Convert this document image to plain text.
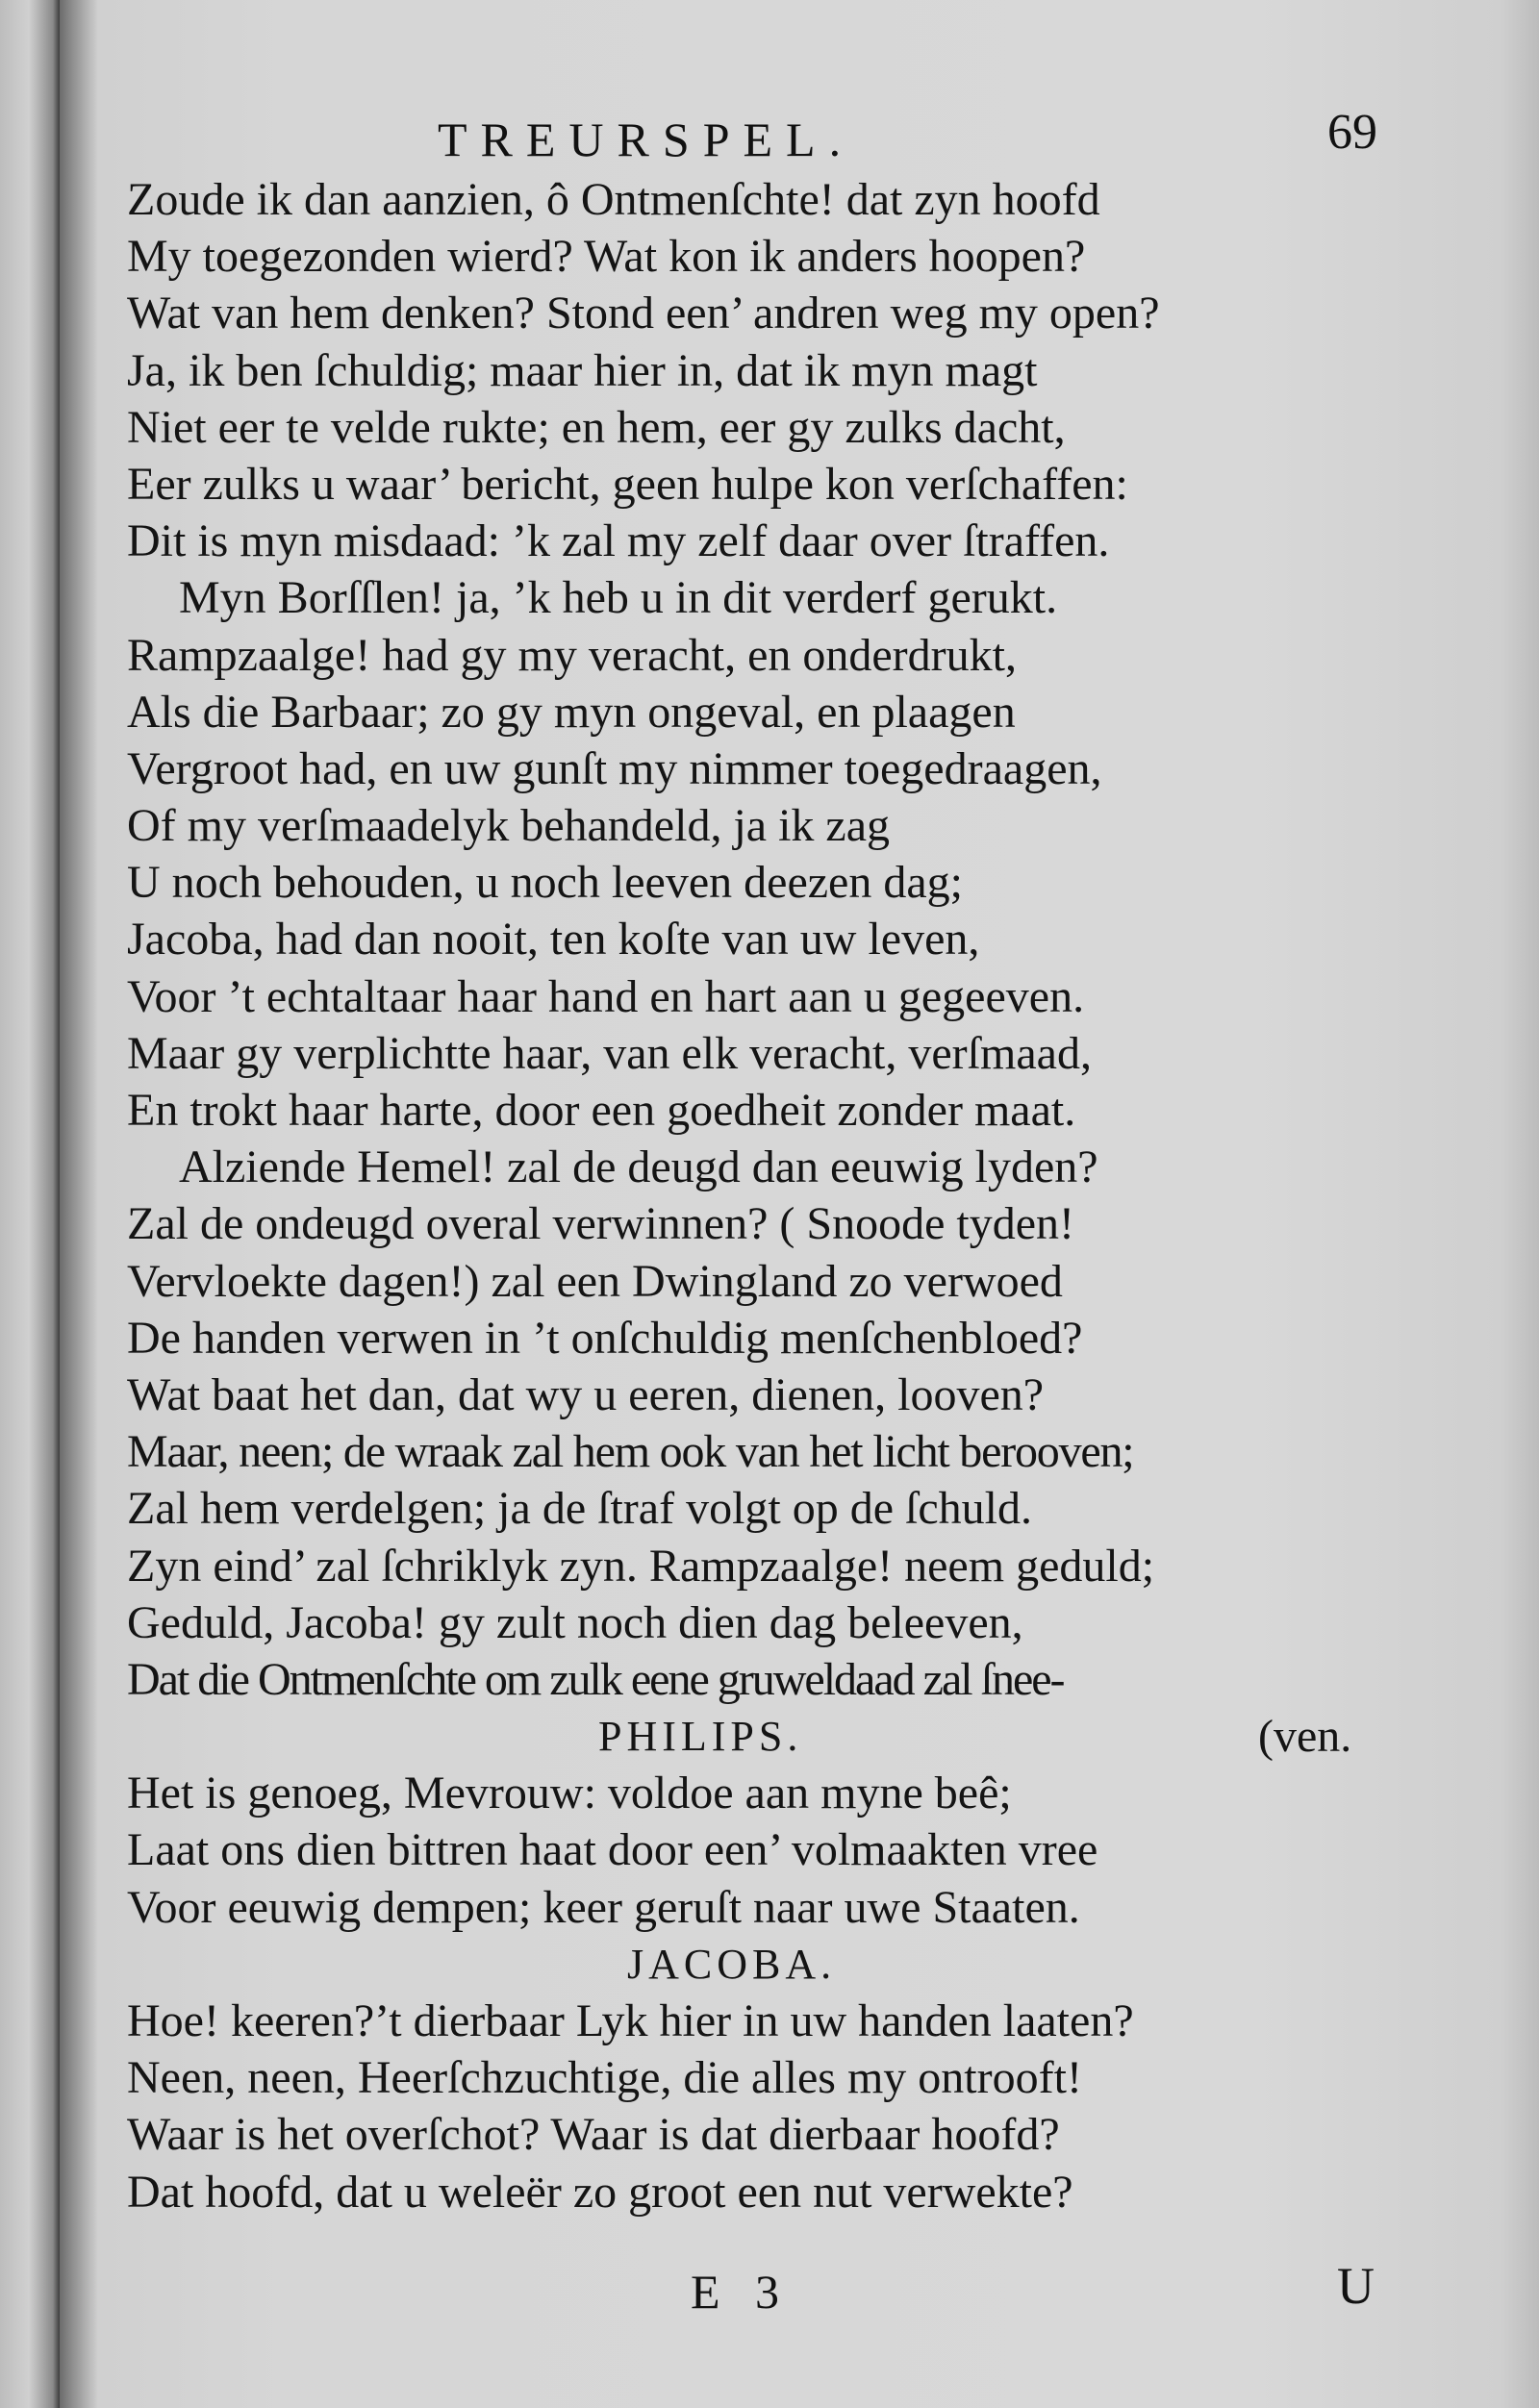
TREURSPEL.	69
Zoude ik dan aanzien, ô Ontmenſchte! dat zyn hoofd
My toegezonden wierd? Wat kon ik anders hoopen?
Wat van hem denken? Stond een’ andren weg my open?
Ja, ik ben ſchuldig; maar hier in, dat ik myn magt
Niet eer te velde rukte; en hem, eer gy zulks dacht,
Eer zulks u waar’ bericht, geen hulpe kon verſchaffen:
Dit is myn misdaad: ’k zal my zelf daar over ſtraffen.
Myn Borſſlen! ja, ’k heb u in dit verderf gerukt.
Rampzaalge! had gy my veracht, en onderdrukt,
Als die Barbaar; zo gy myn ongeval, en plaagen
Vergroot had, en uw gunſt my nimmer toegedraagen,
Of my verſmaadelyk behandeld, ja ik zag
U noch behouden, u noch leeven deezen dag;
Jacoba, had dan nooit, ten koſte van uw leven,
Voor ’t echtaltaar haar hand en hart aan u gegeeven.
Maar gy verplichtte haar, van elk veracht, verſmaad,
En trokt haar harte, door een goedheit zonder maat.
Alziende Hemel! zal de deugd dan eeuwig lyden?
Zal de ondeugd overal verwinnen? ( Snoode tyden!
Vervloekte dagen!) zal een Dwingland zo verwoed
De handen verwen in ’t onſchuldig menſchenbloed?
Wat baat het dan, dat wy u eeren, dienen, looven?
Maar, neen; de wraak zal hem ook van het licht berooven;
Zal hem verdelgen; ja de ſtraf volgt op de ſchuld.
Zyn eind’ zal ſchriklyk zyn. Rampzaalge! neem geduld;
Geduld, Jacoba! gy zult noch dien dag beleeven,
Dat die Ontmenſchte om zulk eene gruweldaad zal ſnee-
PHILIPS.	(ven.
Het is genoeg, Mevrouw: voldoe aan myne beê;
Laat ons dien bittren haat door een’ volmaakten vree
Voor eeuwig dempen; keer geruſt naar uwe Staaten.
JACOBA.
Hoe! keeren?’t dierbaar Lyk hier in uw handen laaten?
Neen, neen, Heerſchzuchtige, die alles my ontrooft!
Waar is het overſchot? Waar is dat dierbaar hoofd?
Dat hoofd, dat u weleër zo groot een nut verwekte?
E 3	U
